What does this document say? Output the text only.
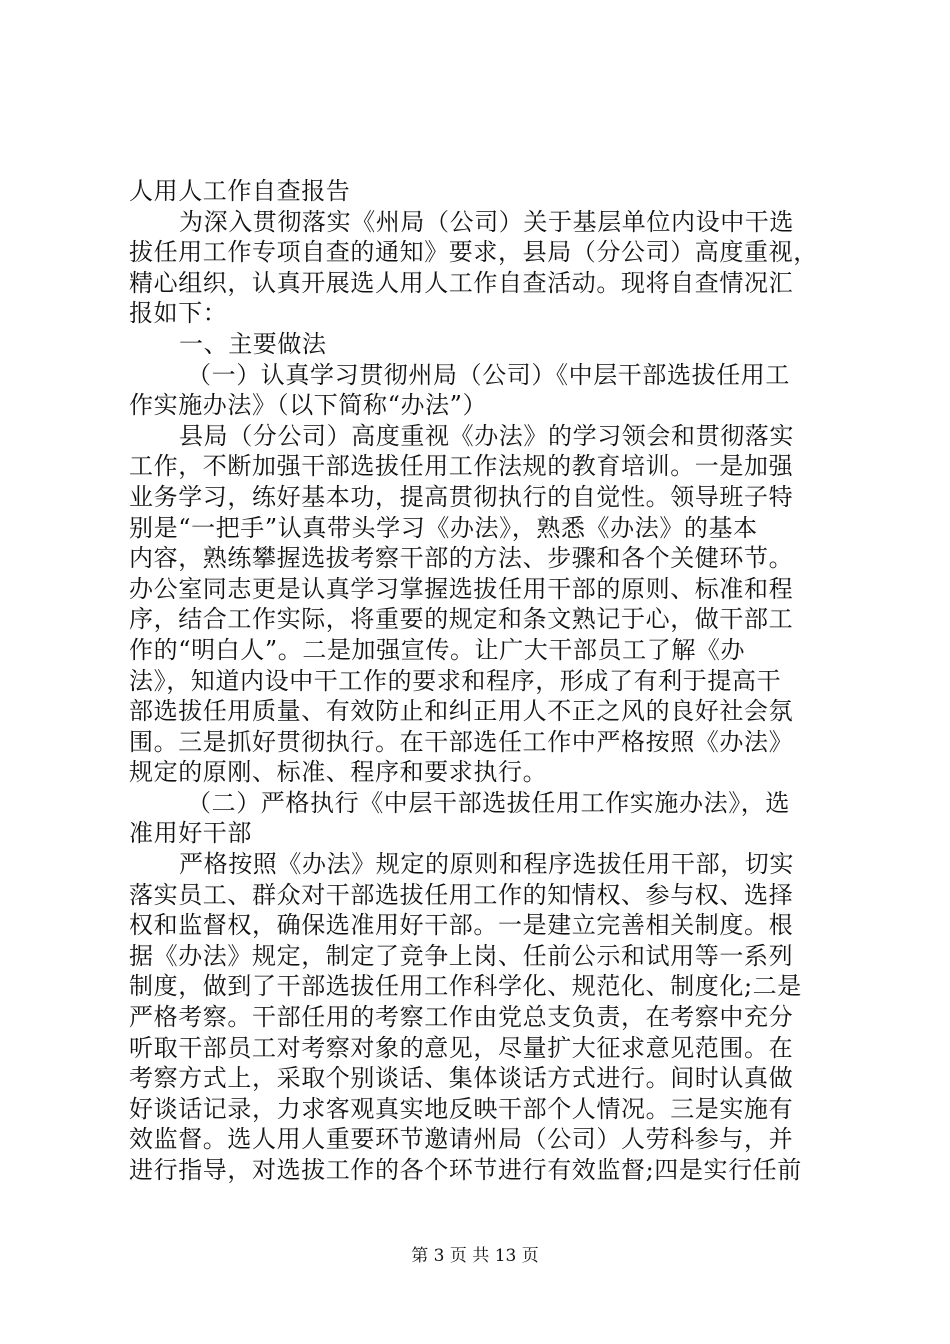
人用人工作自查报告
为深入贯彻落实《州局（公司）关于基层单位内设中干选
拔任用工作专项自查的通知》要求，县局（分公司）高度重视，
精心组织，认真开展选人用人工作自查活动。现将自查情况汇
报如下：
一、主要做法
（一）认真学习贯彻州局（公司）《中层干部选拔任用工
作实施办法》（以下简称“办法”）
县局（分公司）高度重视《办法》的学习领会和贯彻落实
工作，不断加强干部选拔任用工作法规的教育培训。一是加强
业务学习，练好基本功，提高贯彻执行的自觉性。领导班子特
别是“一把手”认真带头学习《办法》，熟悉《办法》的基本
内容，熟练攀握选拔考察干部的方法、步骤和各个关健环节。
办公室同志更是认真学习掌握选拔任用干部的原则、标准和程
序，结合工作实际，将重要的规定和条文熟记于心，做干部工
作的“明白人”。二是加强宣传。让广大干部员工了解《办
法》，知道内设中干工作的要求和程序，形成了有利于提高干
部选拔任用质量、有效防止和纠正用人不正之风的良好社会氛
围。三是抓好贯彻执行。在干部选任工作中严格按照《办法》
规定的原刚、标准、程序和要求执行。
（二）严格执行《中层干部选拔任用工作实施办法》，选
准用好干部
严格按照《办法》规定的原则和程序选拔任用干部，切实
落实员工、群众对干部选拔任用工作的知情权、参与权、选择
权和监督权，确保选准用好干部。一是建立完善相关制度。根
据《办法》规定，制定了竞争上岗、任前公示和试用等一系列
制度，做到了干部选拔任用工作科学化、规范化、制度化;二是
严格考察。干部任用的考察工作由党总支负责，在考察中充分
听取干部员工对考察对象的意见，尽量扩大征求意见范围。在
考察方式上，采取个别谈话、集体谈话方式进行。间时认真做
好谈话记录，力求客观真实地反映干部个人情况。三是实施有
效监督。选人用人重要环节邀请州局（公司）人劳科参与，并
进行指导，对选拔工作的各个环节进行有效监督;四是实行任前
第 3 页 共 13 页
